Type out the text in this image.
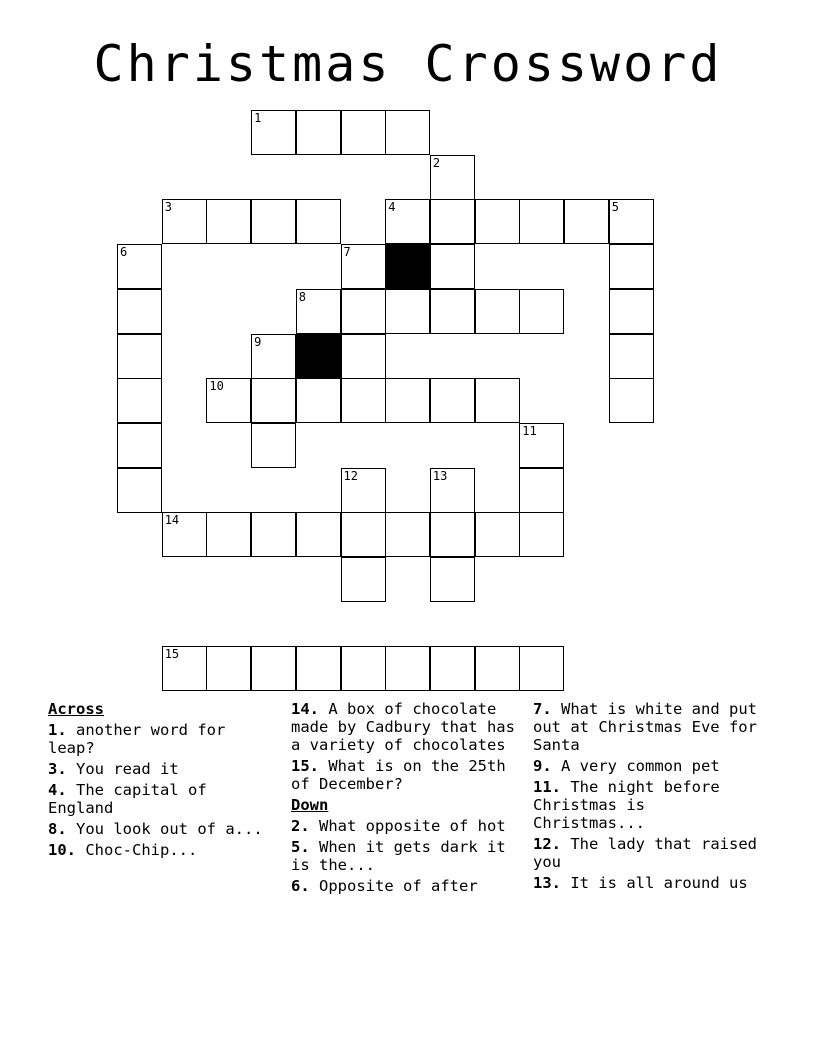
Christmas Crossword
1
2
3	4	5
6	7
8
9
10
11
12	13
14
15
Across
1. another word for leap?
3. You read it
4. The capital of England
8. You look out of a...
10. Choc-Chip...
14. A box of chocolate made by Cadbury that has a variety of chocolates
15. What is on the 25th of December?
Down
2. What opposite of hot
5. When it gets dark it is the...
6. Opposite of after
7. What is white and put out at Christmas Eve for Santa
9. A very common pet
11. The night before Christmas is Christmas...
12. The lady that raised you
13. It is all around us
